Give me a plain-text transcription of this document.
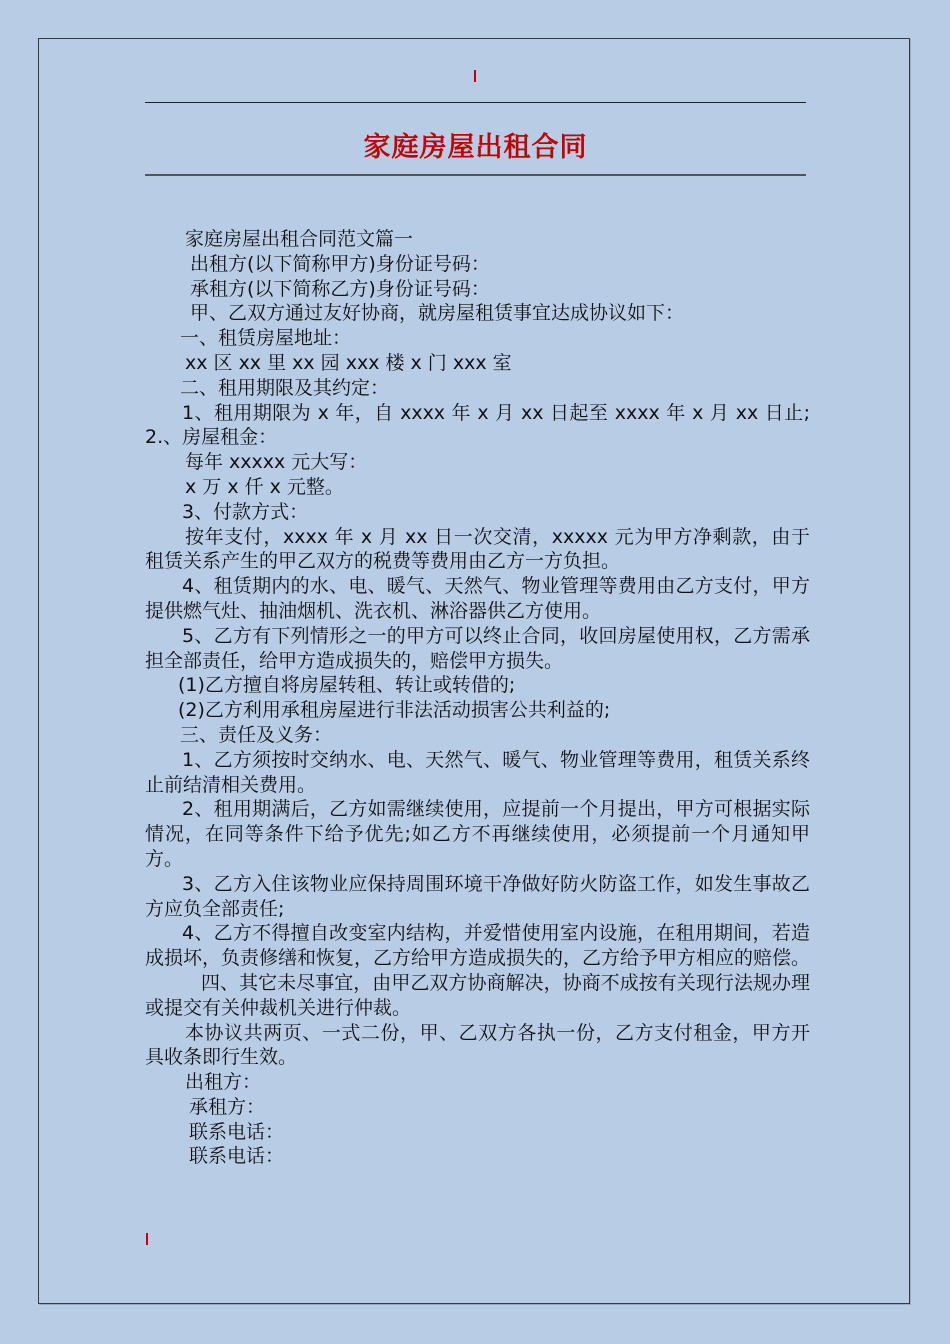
家庭房屋出租合同

家庭房屋出租合同范文篇一

出租方(以下简称甲方)身份证号码：

承租方(以下简称乙方)身份证号码：

甲、乙双方通过友好协商，就房屋租赁事宜达成协议如下：

一、租赁房屋地址：

xx 区 xx 里 xx 园 xxx 楼 x 门 xxx 室

二、租用期限及其约定：

1、租用期限为 x 年，自 xxxx 年 x 月 xx 日起至 xxxx 年 x 月 xx 日止; 2.、房屋租金：

每年 xxxxx 元大写：

x 万 x 仟 x 元整。

3、付款方式：

按年支付，xxxx 年 x 月 xx 日一次交清，xxxxx 元为甲方净剩款，由于租赁关系产生的甲乙双方的税费等费用由乙方一方负担。

4、租赁期内的水、电、暖气、天然气、物业管理等费用由乙方支付，甲方提供燃气灶、抽油烟机、洗衣机、淋浴器供乙方使用。

5、乙方有下列情形之一的甲方可以终止合同，收回房屋使用权，乙方需承担全部责任，给甲方造成损失的，赔偿甲方损失。

(1)乙方擅自将房屋转租、转让或转借的;

(2)乙方利用承租房屋进行非法活动损害公共利益的;

三、责任及义务：

1、乙方须按时交纳水、电、天然气、暖气、物业管理等费用，租赁关系终止前结清相关费用。

2、租用期满后，乙方如需继续使用，应提前一个月提出，甲方可根据实际情况，在同等条件下给予优先;如乙方不再继续使用，必须提前一个月通知甲方。

3、乙方入住该物业应保持周围环境干净做好防火防盗工作，如发生事故乙方应负全部责任;

4、乙方不得擅自改变室内结构，并爱惜使用室内设施，在租用期间，若造成损坏，负责修缮和恢复，乙方给甲方造成损失的，乙方给予甲方相应的赔偿。

四、其它未尽事宜，由甲乙双方协商解决，协商不成按有关现行法规办理或提交有关仲裁机关进行仲裁。

本协议共两页、一式二份，甲、乙双方各执一份，乙方支付租金，甲方开具收条即行生效。

出租方：

承租方：

联系电话：

联系电话：
